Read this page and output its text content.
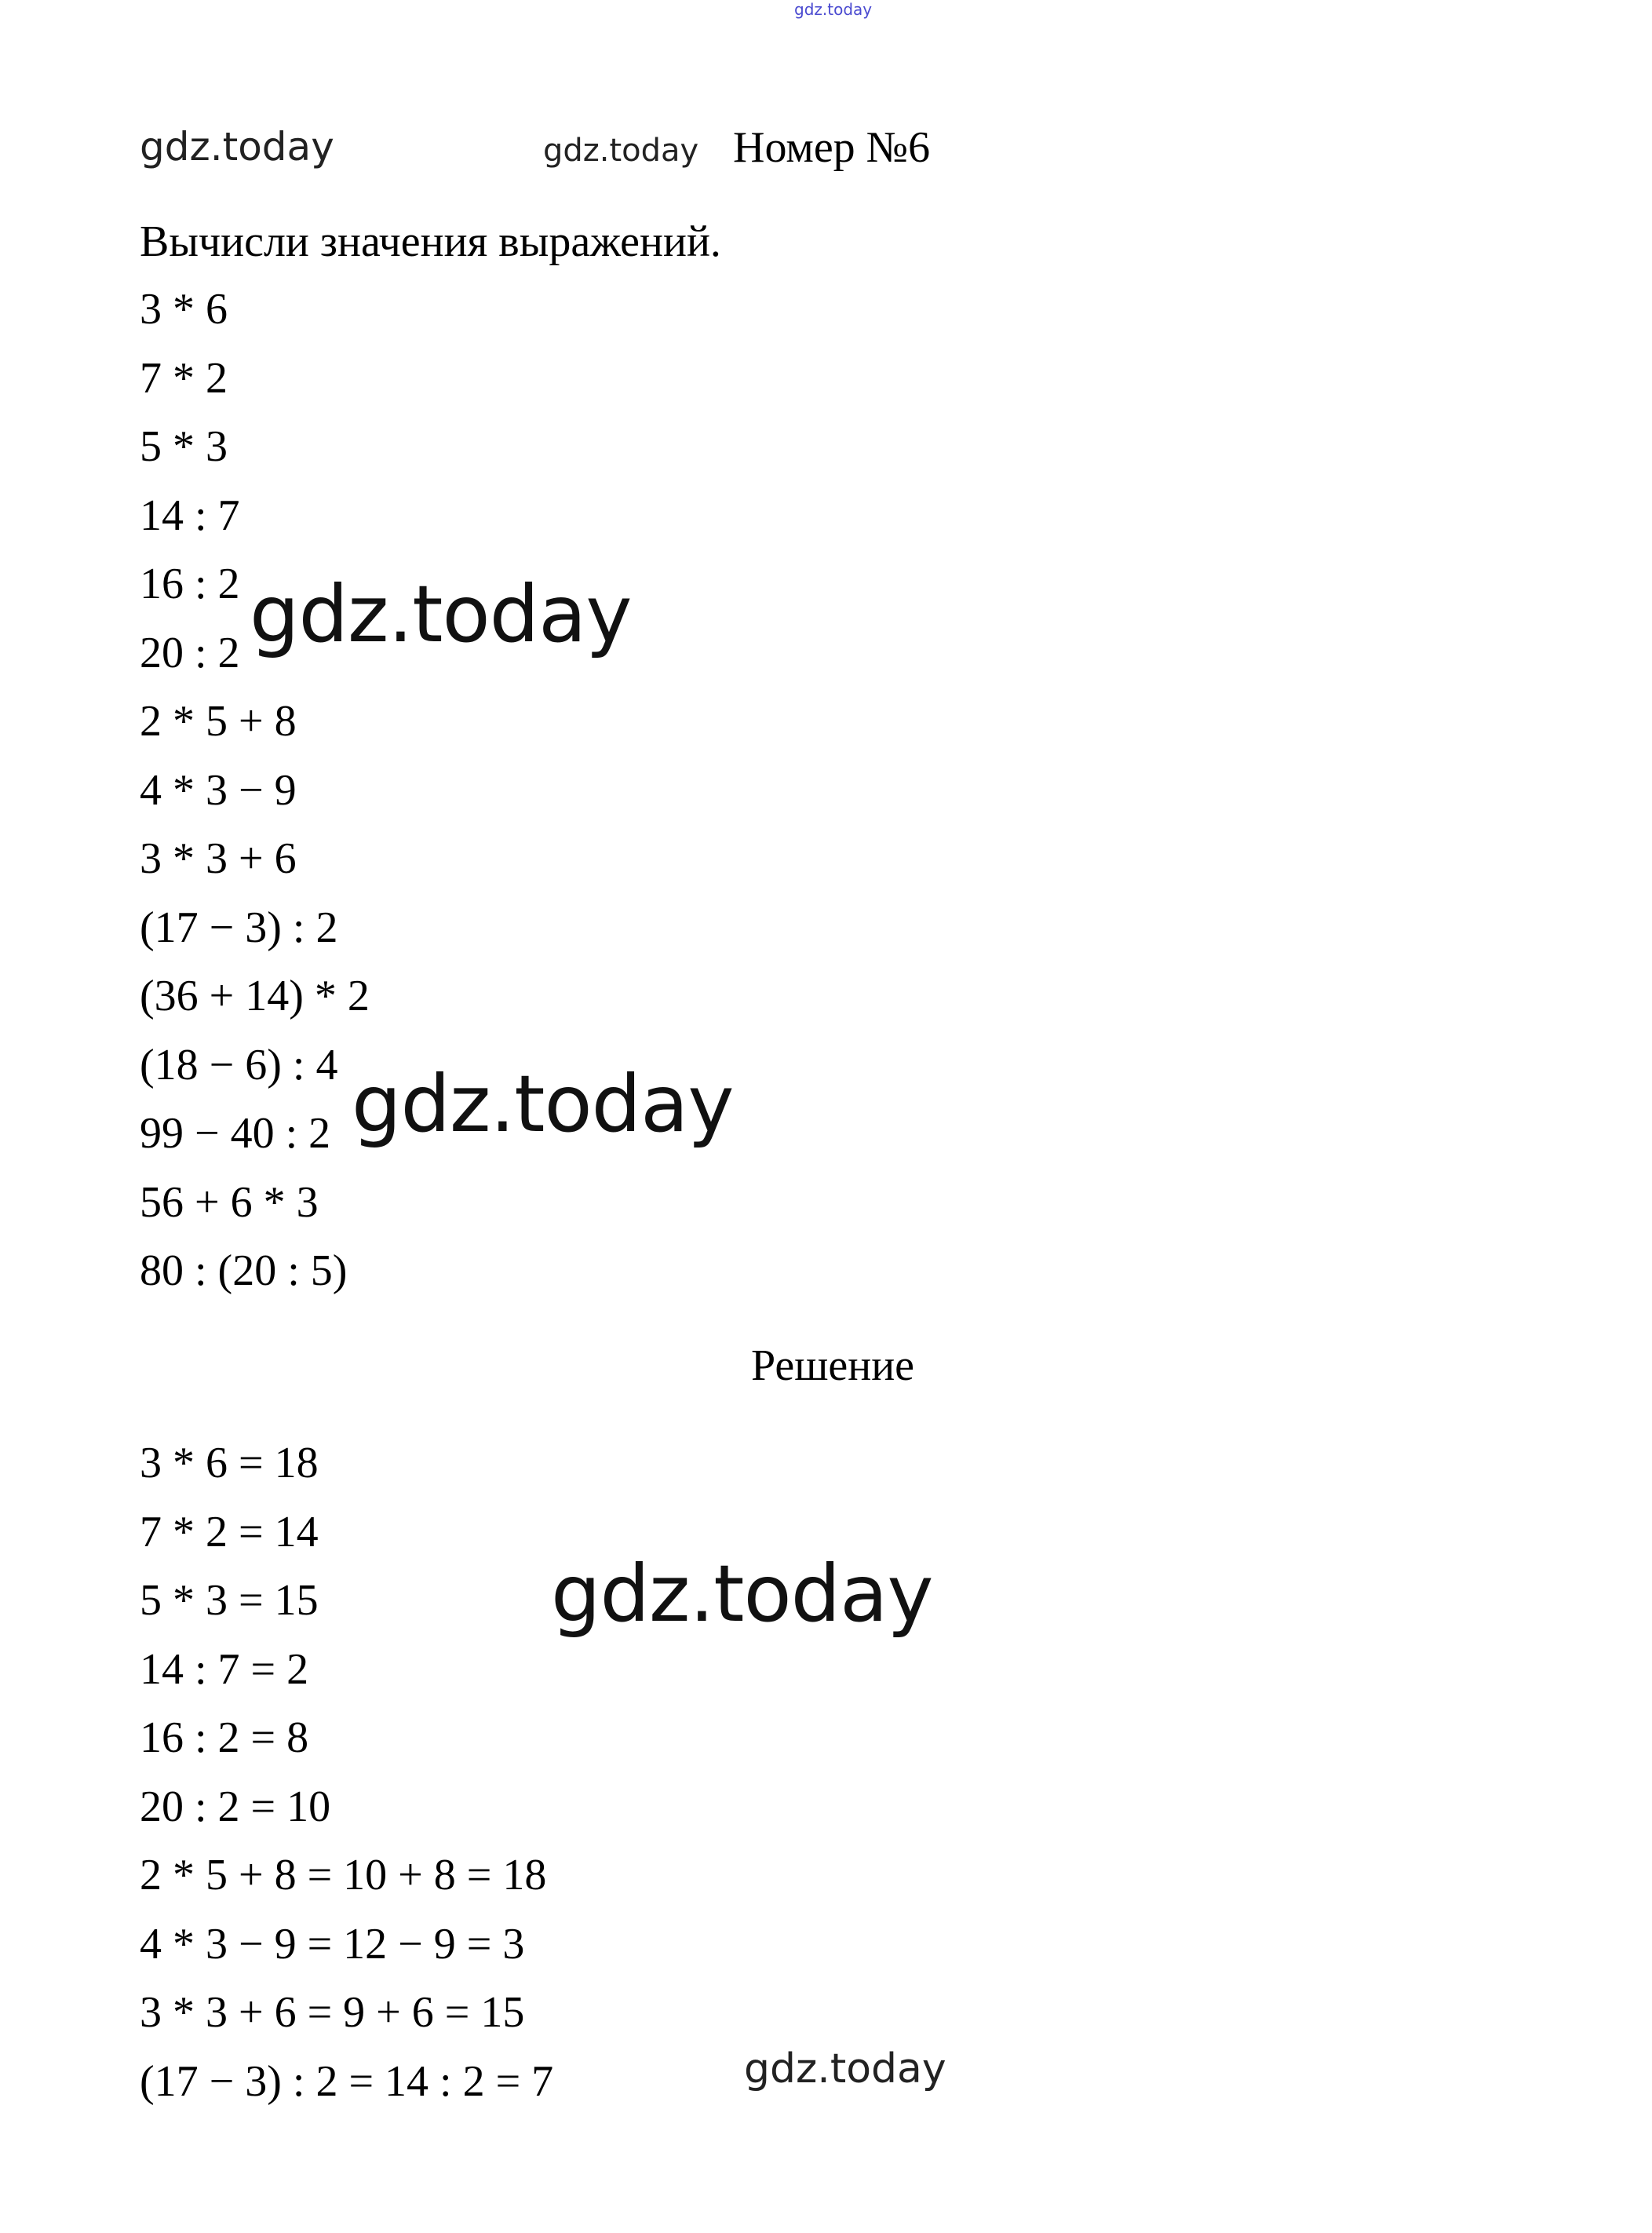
gdz.today
gdz.today	gdz.today
gdz.today
gdz.today
gdz.today
gdz.today
Номер №6
Вычисли значения выражений.
3 * 6
7 * 2
5 * 3
14 : 7
16 : 2
20 : 2
2 * 5 + 8
4 * 3 − 9
3 * 3 + 6
(17 − 3) : 2
(36 + 14) * 2
(18 − 6) : 4
99 − 40 : 2
56 + 6 * 3
80 : (20 : 5)
Решение
3 * 6 = 18
7 * 2 = 14
5 * 3 = 15
14 : 7 = 2
16 : 2 = 8
20 : 2 = 10
2 * 5 + 8 = 10 + 8 = 18
4 * 3 − 9 = 12 − 9 = 3
3 * 3 + 6 = 9 + 6 = 15
(17 − 3) : 2 = 14 : 2 = 7
